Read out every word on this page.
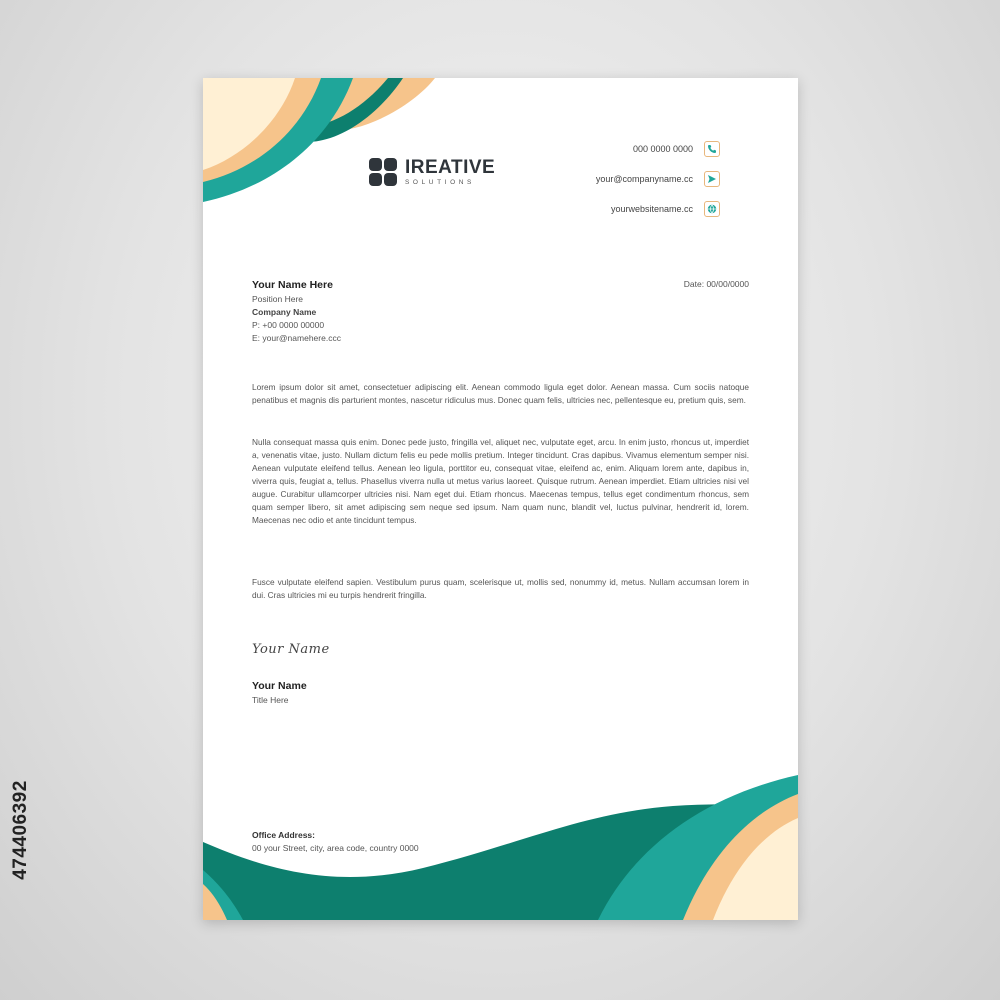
474406392
IREATIVE
SOLUTIONS
000 0000 0000
your@companyname.cc
yourwebsitename.cc
Your Name Here
Position Here
Company Name
P: +00 0000 00000
E: your@namehere.ccc
Date: 00/00/0000
Lorem ipsum dolor sit amet, consectetuer adipiscing elit. Aenean commodo ligula eget dolor. Aenean massa. Cum sociis natoque penatibus et magnis dis parturient montes, nascetur ridiculus mus. Donec quam felis, ultricies nec, pellentesque eu, pretium quis, sem.
Nulla consequat massa quis enim. Donec pede justo, fringilla vel, aliquet nec, vulputate eget, arcu. In enim justo, rhoncus ut, imperdiet a, venenatis vitae, justo. Nullam dictum felis eu pede mollis pretium. Integer tincidunt. Cras dapibus. Vivamus elementum semper nisi. Aenean vulputate eleifend tellus. Aenean leo ligula, porttitor eu, consequat vitae, eleifend ac, enim. Aliquam lorem ante, dapibus in, viverra quis, feugiat a, tellus. Phasellus viverra nulla ut metus varius laoreet. Quisque rutrum. Aenean imperdiet. Etiam ultricies nisi vel augue. Curabitur ullamcorper ultricies nisi. Nam eget dui. Etiam rhoncus. Maecenas tempus, tellus eget condimentum rhoncus, sem quam semper libero, sit amet adipiscing sem neque sed ipsum. Nam quam nunc, blandit vel, luctus pulvinar, hendrerit id, lorem. Maecenas nec odio et ante tincidunt tempus.
Fusce vulputate eleifend sapien. Vestibulum purus quam, scelerisque ut, mollis sed, nonummy id, metus. Nullam accumsan lorem in dui. Cras ultricies mi eu turpis hendrerit fringilla.
Your Name
Your Name
Title Here
Office Address:
00 your Street, city, area code, country 0000
